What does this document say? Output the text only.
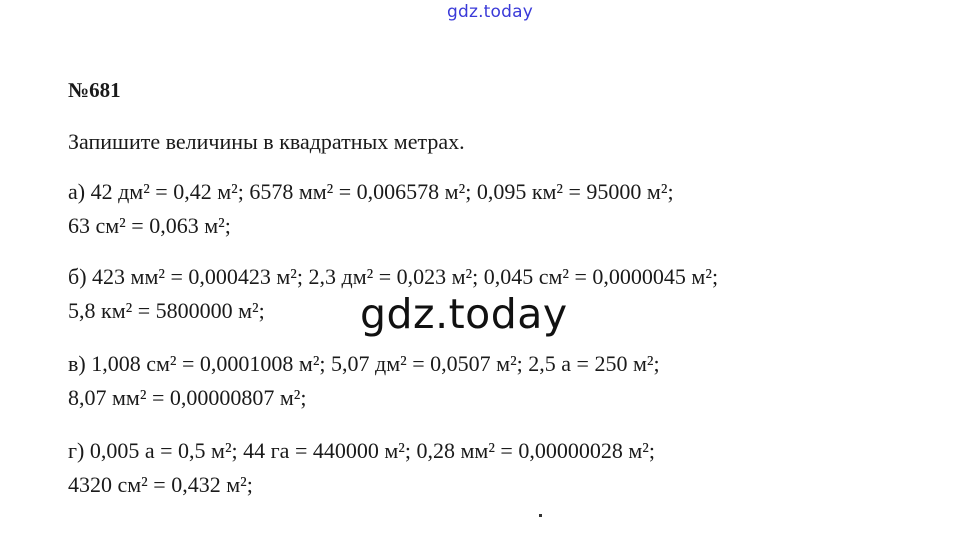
gdz.today
№681
Запишите величины в квадратных метрах.
а) 42 дм² = 0,42 м²; 6578 мм² = 0,006578 м²; 0,095 км² = 95000 м²;
63 см² = 0,063 м²;
б) 423 мм² = 0,000423 м²; 2,3 дм² = 0,023 м²; 0,045 см² = 0,0000045 м²;
5,8 км² = 5800000 м²;
в) 1,008 см² = 0,0001008 м²; 5,07 дм² = 0,0507 м²; 2,5 а = 250 м²;
8,07 мм² = 0,00000807 м²;
г) 0,005 а = 0,5 м²; 44 га = 440000 м²; 0,28 мм² = 0,00000028 м²;
4320 см² = 0,432 м²;
gdz.today
